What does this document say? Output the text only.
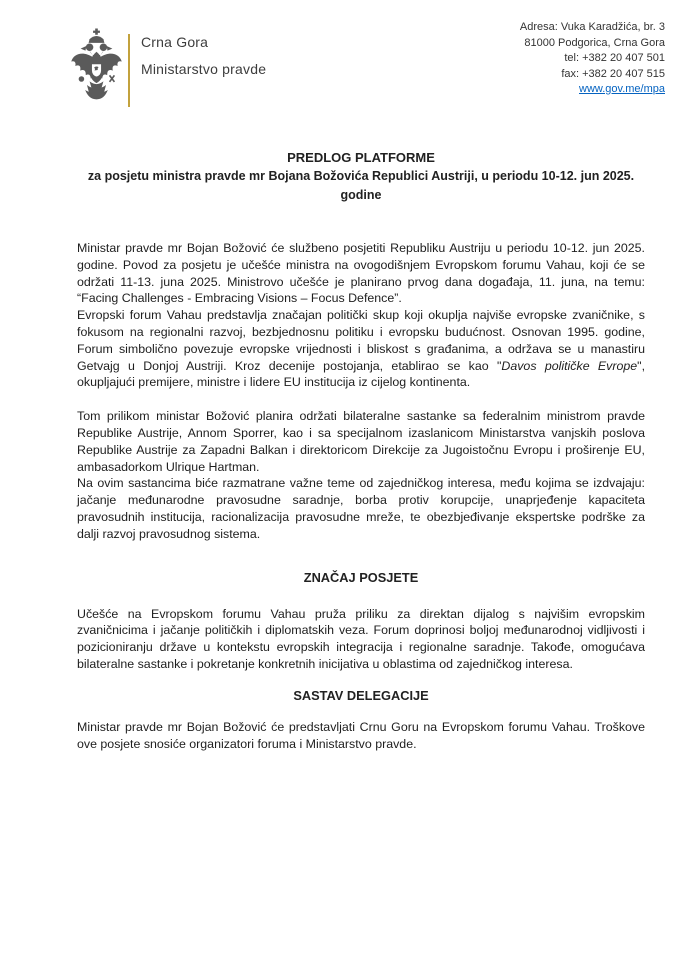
Crna Gora
Ministarstvo pravde
Adresa: Vuka Karadžića, br. 3
81000 Podgorica, Crna Gora
tel: +382 20 407 501
fax: +382 20 407 515
www.gov.me/mpa
PREDLOG PLATFORME
za posjetu ministra pravde mr Bojana Božovića Republici Austriji, u periodu 10-12. jun 2025. godine

Ministar pravde mr Bojan Božović će službeno posjetiti Republiku Austriju u periodu 10-12. jun 2025. godine. Povod za posjetu je učešće ministra na ovogodišnjem Evropskom forumu Vahau, koji će se održati 11-13. juna 2025. Ministrovo učešće je planirano prvog dana događaja, 11. juna, na temu: “Facing Challenges - Embracing Visions – Focus Defence”.

Evropski forum Vahau predstavlja značajan politički skup koji okuplja najviše evropske zvaničnike, s fokusom na regionalni razvoj, bezbjednosnu politiku i evropsku budućnost. Osnovan 1995. godine, Forum simbolično povezuje evropske vrijednosti i bliskost s građanima, a održava se u manastiru Getvajg u Donjoj Austriji. Kroz decenije postojanja, etablirao se kao "Davos političke Evrope", okupljajući premijere, ministre i lidere EU institucija iz cijelog kontinenta.

Tom prilikom ministar Božović planira održati bilateralne sastanke sa federalnim ministrom pravde Republike Austrije, Annom Sporrer, kao i sa specijalnom izaslanicom Ministarstva vanjskih poslova Republike Austrije za Zapadni Balkan i direktoricom Direkcije za Jugoistočnu Evropu i proširenje EU, ambasadorkom Ulrique Hartman.

Na ovim sastancima biće razmatrane važne teme od zajedničkog interesa, među kojima se izdvajaju: jačanje međunarodne pravosudne saradnje, borba protiv korupcije, unaprjeđenje kapaciteta pravosudnih institucija, racionalizacija pravosudne mreže, te obezbjeđivanje ekspertske podrške za dalji razvoj pravosudnog sistema.

ZNAČAJ POSJETE

Učešće na Evropskom forumu Vahau pruža priliku za direktan dijalog s najvišim evropskim zvaničnicima i jačanje političkih i diplomatskih veza. Forum doprinosi boljoj međunarodnoj vidljivosti i pozicioniranju države u kontekstu evropskih integracija i regionalne saradnje. Takođe, omogućava bilateralne sastanke i pokretanje konkretnih inicijativa u oblastima od zajedničkog interesa.

SASTAV DELEGACIJE

Ministar pravde mr Bojan Božović će predstavljati Crnu Goru na Evropskom forumu Vahau. Troškove ove posjete snosiće organizatori foruma i Ministarstvo pravde.
